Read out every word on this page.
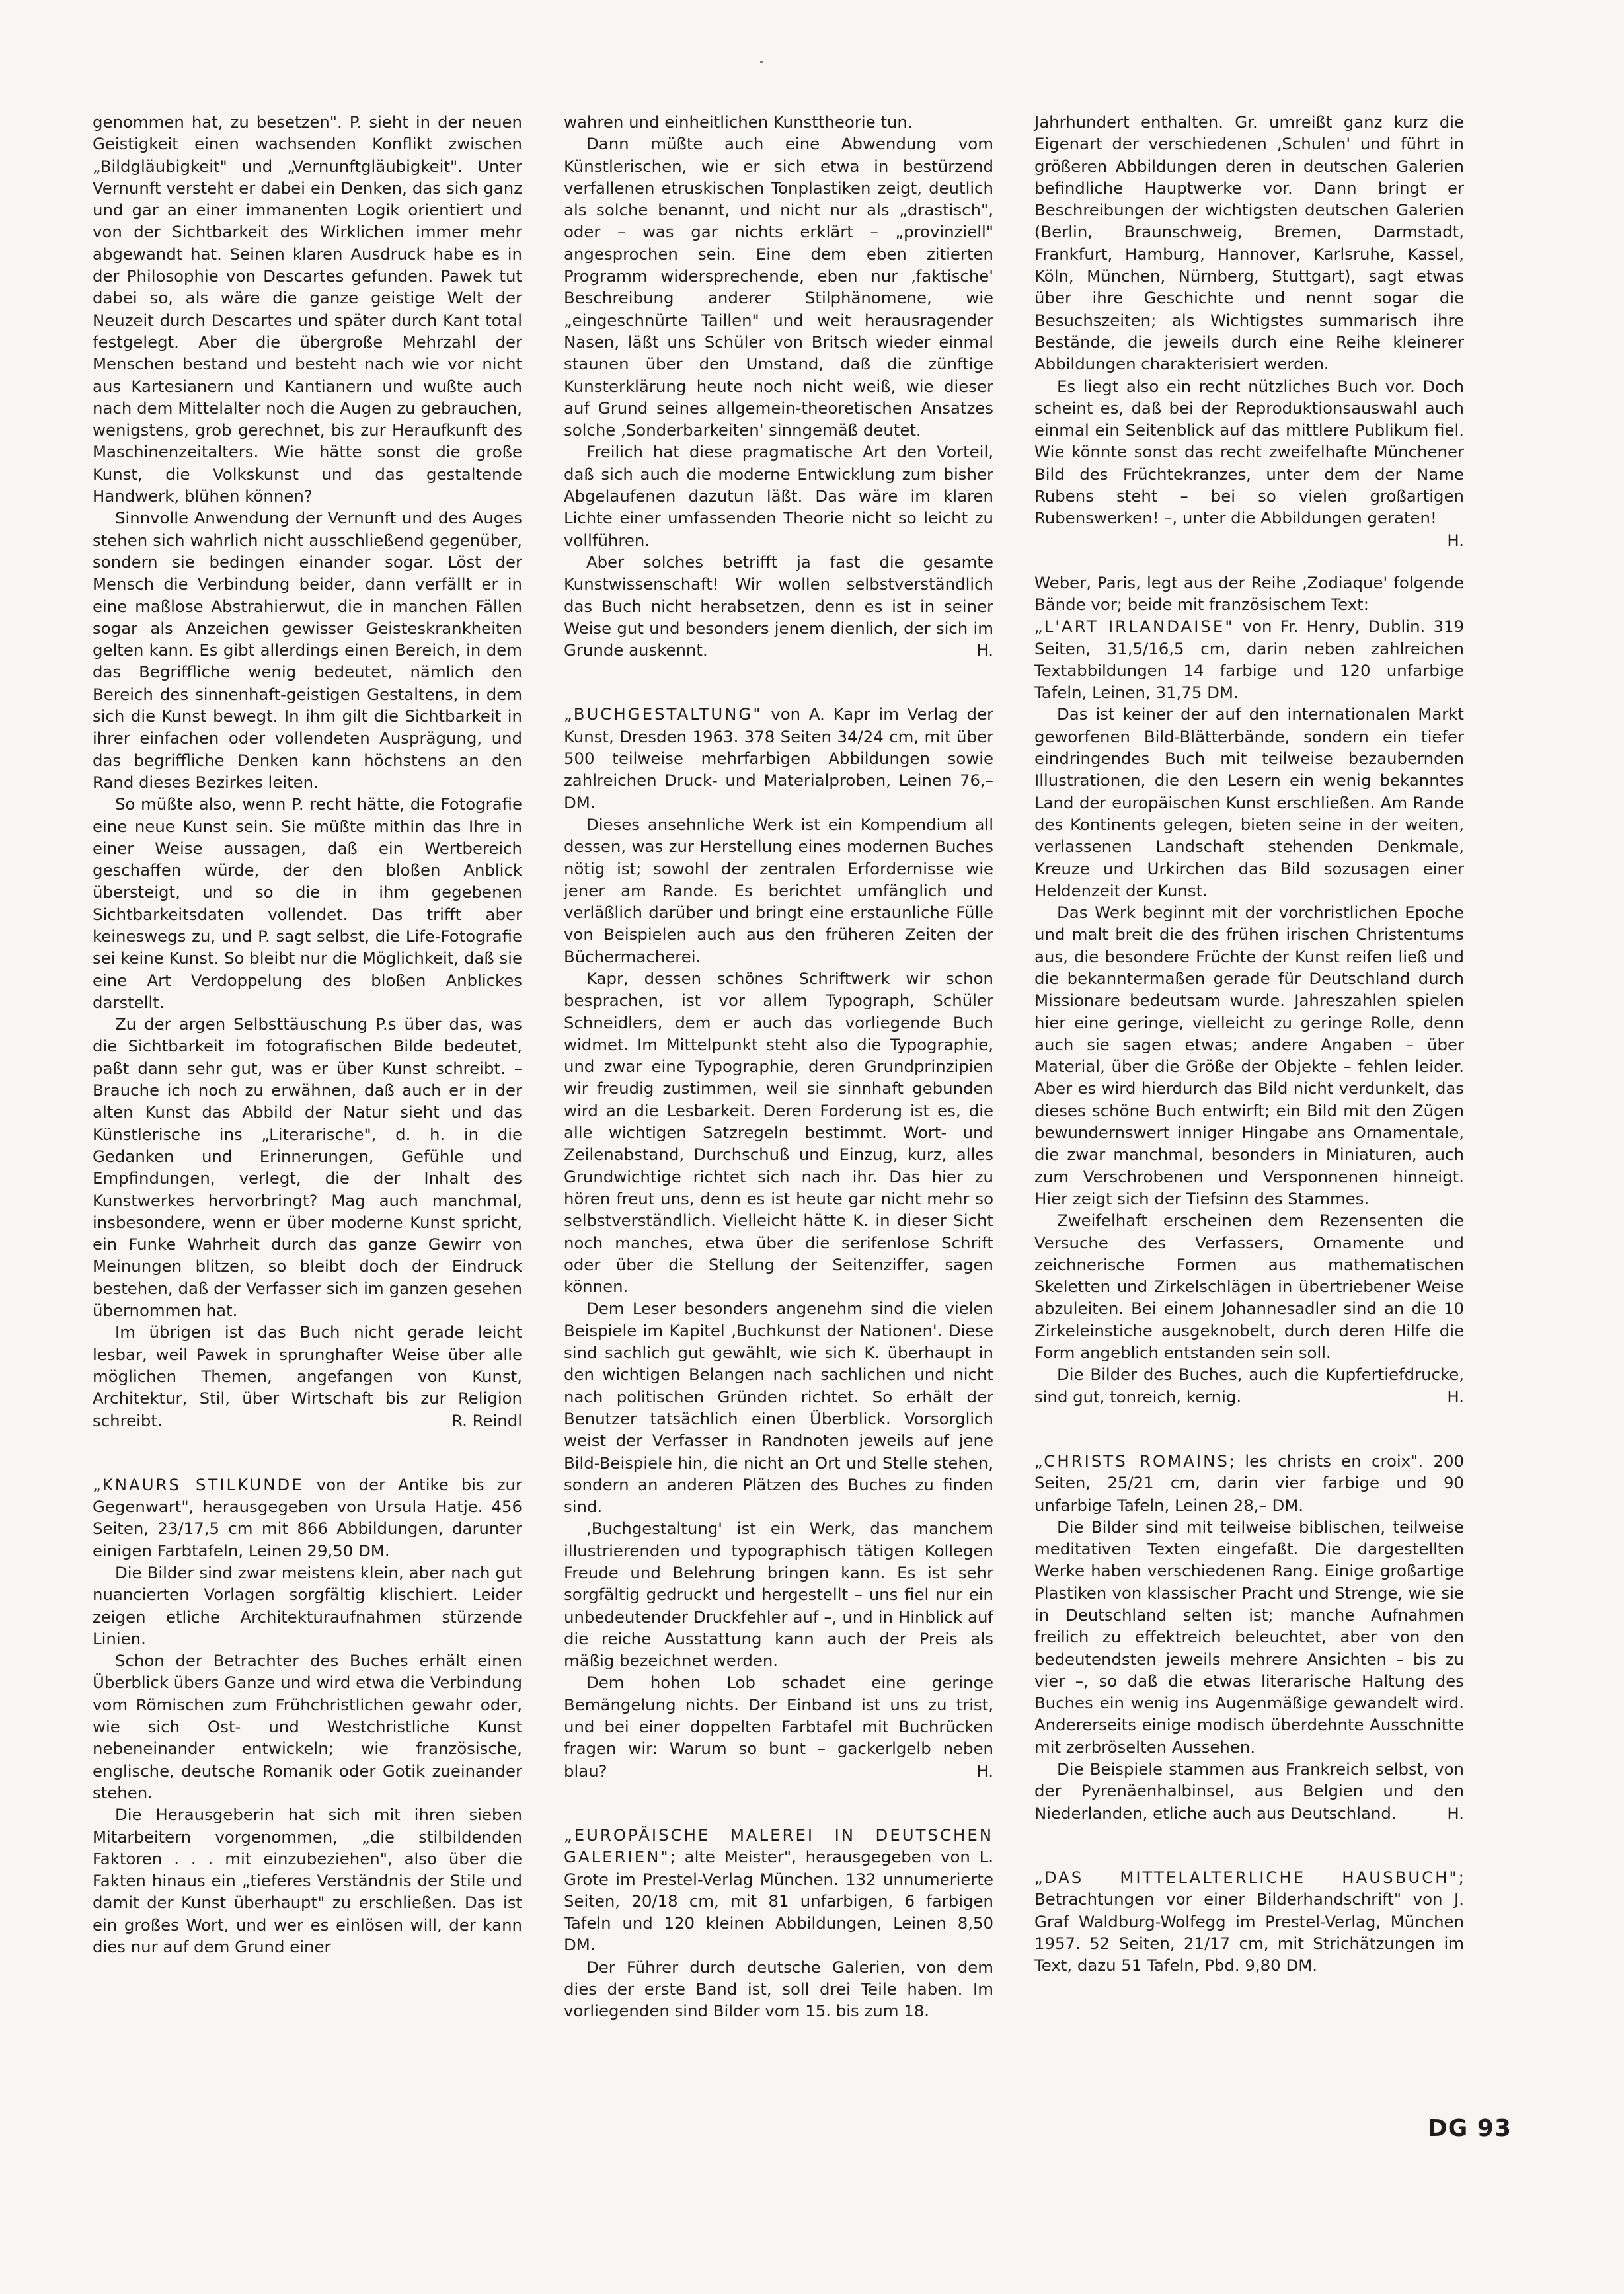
genommen hat, zu besetzen". P. sieht in der neuen Geistigkeit einen wachsenden Konflikt zwischen „Bildgläubigkeit" und „Vernunftgläubigkeit". Unter Vernunft versteht er dabei ein Denken, das sich ganz und gar an einer immanenten Logik orientiert und von der Sichtbarkeit des Wirklichen immer mehr abgewandt hat. Seinen klaren Ausdruck habe es in der Philosophie von Descartes gefunden. Pawek tut dabei so, als wäre die ganze geistige Welt der Neuzeit durch Descartes und später durch Kant total festgelegt. Aber die übergroße Mehrzahl der Menschen bestand und besteht nach wie vor nicht aus Kartesianern und Kantianern und wußte auch nach dem Mittelalter noch die Augen zu gebrauchen, wenigstens, grob gerechnet, bis zur Heraufkunft des Maschinenzeitalters. Wie hätte sonst die große Kunst, die Volkskunst und das gestaltende Handwerk, blühen können?

Sinnvolle Anwendung der Vernunft und des Auges stehen sich wahrlich nicht ausschließend gegenüber, sondern sie bedingen einander sogar. Löst der Mensch die Verbindung beider, dann verfällt er in eine maßlose Abstrahierwut, die in manchen Fällen sogar als Anzeichen gewisser Geisteskrankheiten gelten kann. Es gibt allerdings einen Bereich, in dem das Begriffliche wenig bedeutet, nämlich den Bereich des sinnenhaft-geistigen Gestaltens, in dem sich die Kunst bewegt. In ihm gilt die Sichtbarkeit in ihrer einfachen oder vollendeten Ausprägung, und das begriffliche Denken kann höchstens an den Rand dieses Bezirkes leiten.

So müßte also, wenn P. recht hätte, die Fotografie eine neue Kunst sein. Sie müßte mithin das Ihre in einer Weise aussagen, daß ein Wertbereich geschaffen würde, der den bloßen Anblick übersteigt, und so die in ihm gegebenen Sichtbarkeitsdaten vollendet. Das trifft aber keineswegs zu, und P. sagt selbst, die Life-Fotografie sei keine Kunst. So bleibt nur die Möglichkeit, daß sie eine Art Verdoppelung des bloßen Anblickes darstellt.

Zu der argen Selbsttäuschung P.s über das, was die Sichtbarkeit im fotografischen Bilde bedeutet, paßt dann sehr gut, was er über Kunst schreibt. – Brauche ich noch zu erwähnen, daß auch er in der alten Kunst das Abbild der Natur sieht und das Künstlerische ins „Literarische", d. h. in die Gedanken und Erinnerungen, Gefühle und Empfindungen, verlegt, die der Inhalt des Kunstwerkes hervorbringt? Mag auch manchmal, insbesondere, wenn er über moderne Kunst spricht, ein Funke Wahrheit durch das ganze Gewirr von Meinungen blitzen, so bleibt doch der Eindruck bestehen, daß der Verfasser sich im ganzen gesehen übernommen hat.

Im übrigen ist das Buch nicht gerade leicht lesbar, weil Pawek in sprunghafter Weise über alle möglichen Themen, angefangen von Kunst, Architektur, Stil, über Wirtschaft bis zur Religion schreibt.	R. Reindl

„KNAURS STILKUNDE von der Antike bis zur Gegenwart", herausgegeben von Ursula Hatje. 456 Seiten, 23/17,5 cm mit 866 Abbildungen, darunter einigen Farbtafeln, Leinen 29,50 DM.

Die Bilder sind zwar meistens klein, aber nach gut nuancierten Vorlagen sorgfältig klischiert. Leider zeigen etliche Architekturaufnahmen stürzende Linien.

Schon der Betrachter des Buches erhält einen Überblick übers Ganze und wird etwa die Verbindung vom Römischen zum Frühchristlichen gewahr oder, wie sich Ost- und Westchristliche Kunst nebeneinander entwickeln; wie französische, englische, deutsche Romanik oder Gotik zueinander stehen.

Die Herausgeberin hat sich mit ihren sieben Mitarbeitern vorgenommen, „die stilbildenden Faktoren . . . mit einzubeziehen", also über die Fakten hinaus ein „tieferes Verständnis der Stile und damit der Kunst überhaupt" zu erschließen. Das ist ein großes Wort, und wer es einlösen will, der kann dies nur auf dem Grund einer

wahren und einheitlichen Kunsttheorie tun.

Dann müßte auch eine Abwendung vom Künstlerischen, wie er sich etwa in bestürzend verfallenen etruskischen Tonplastiken zeigt, deutlich als solche benannt, und nicht nur als „drastisch", oder – was gar nichts erklärt – „provinziell" angesprochen sein. Eine dem eben zitierten Programm widersprechende, eben nur ‚faktische' Beschreibung anderer Stilphänomene, wie „eingeschnürte Taillen" und weit herausragender Nasen, läßt uns Schüler von Britsch wieder einmal staunen über den Umstand, daß die zünftige Kunsterklärung heute noch nicht weiß, wie dieser auf Grund seines allgemein-theoretischen Ansatzes solche ‚Sonderbarkeiten' sinngemäß deutet.

Freilich hat diese pragmatische Art den Vorteil, daß sich auch die moderne Entwicklung zum bisher Abgelaufenen dazutun läßt. Das wäre im klaren Lichte einer umfassenden Theorie nicht so leicht zu vollführen.

Aber solches betrifft ja fast die gesamte Kunstwissenschaft! Wir wollen selbstverständlich das Buch nicht herabsetzen, denn es ist in seiner Weise gut und besonders jenem dienlich, der sich im Grunde auskennt.	H.

„BUCHGESTALTUNG" von A. Kapr im Verlag der Kunst, Dresden 1963. 378 Seiten 34/24 cm, mit über 500 teilweise mehrfarbigen Abbildungen sowie zahlreichen Druck- und Materialproben, Leinen 76,– DM.

Dieses ansehnliche Werk ist ein Kompendium all dessen, was zur Herstellung eines modernen Buches nötig ist; sowohl der zentralen Erfordernisse wie jener am Rande. Es berichtet umfänglich und verläßlich darüber und bringt eine erstaunliche Fülle von Beispielen auch aus den früheren Zeiten der Büchermacherei.

Kapr, dessen schönes Schriftwerk wir schon besprachen, ist vor allem Typograph, Schüler Schneidlers, dem er auch das vorliegende Buch widmet. Im Mittelpunkt steht also die Typographie, und zwar eine Typographie, deren Grundprinzipien wir freudig zustimmen, weil sie sinnhaft gebunden wird an die Lesbarkeit. Deren Forderung ist es, die alle wichtigen Satzregeln bestimmt. Wort- und Zeilenabstand, Durchschuß und Einzug, kurz, alles Grundwichtige richtet sich nach ihr. Das hier zu hören freut uns, denn es ist heute gar nicht mehr so selbstverständlich. Vielleicht hätte K. in dieser Sicht noch manches, etwa über die serifenlose Schrift oder über die Stellung der Seitenziffer, sagen können.

Dem Leser besonders angenehm sind die vielen Beispiele im Kapitel ‚Buchkunst der Nationen'. Diese sind sachlich gut gewählt, wie sich K. überhaupt in den wichtigen Belangen nach sachlichen und nicht nach politischen Gründen richtet. So erhält der Benutzer tatsächlich einen Überblick. Vorsorglich weist der Verfasser in Randnoten jeweils auf jene Bild-Beispiele hin, die nicht an Ort und Stelle stehen, sondern an anderen Plätzen des Buches zu finden sind.

‚Buchgestaltung' ist ein Werk, das manchem illustrierenden und typographisch tätigen Kollegen Freude und Belehrung bringen kann. Es ist sehr sorgfältig gedruckt und hergestellt – uns fiel nur ein unbedeutender Druckfehler auf –, und in Hinblick auf die reiche Ausstattung kann auch der Preis als mäßig bezeichnet werden.

Dem hohen Lob schadet eine geringe Bemängelung nichts. Der Einband ist uns zu trist, und bei einer doppelten Farbtafel mit Buchrücken fragen wir: Warum so bunt – gackerlgelb neben blau?	H.

„EUROPÄISCHE MALEREI IN DEUTSCHEN GALERIEN"; alte Meister", herausgegeben von L. Grote im Prestel-Verlag München. 132 unnumerierte Seiten, 20/18 cm, mit 81 unfarbigen, 6 farbigen Tafeln und 120 kleinen Abbildungen, Leinen 8,50 DM.

Der Führer durch deutsche Galerien, von dem dies der erste Band ist, soll drei Teile haben. Im vorliegenden sind Bilder vom 15. bis zum 18.

Jahrhundert enthalten. Gr. umreißt ganz kurz die Eigenart der verschiedenen ‚Schulen' und führt in größeren Abbildungen deren in deutschen Galerien befindliche Hauptwerke vor. Dann bringt er Beschreibungen der wichtigsten deutschen Galerien (Berlin, Braunschweig, Bremen, Darmstadt, Frankfurt, Hamburg, Hannover, Karlsruhe, Kassel, Köln, München, Nürnberg, Stuttgart), sagt etwas über ihre Geschichte und nennt sogar die Besuchszeiten; als Wichtigstes summarisch ihre Bestände, die jeweils durch eine Reihe kleinerer Abbildungen charakterisiert werden.

Es liegt also ein recht nützliches Buch vor. Doch scheint es, daß bei der Reproduktionsauswahl auch einmal ein Seitenblick auf das mittlere Publikum fiel. Wie könnte sonst das recht zweifelhafte Münchener Bild des Früchtekranzes, unter dem der Name Rubens steht – bei so vielen großartigen Rubenswerken! –, unter die Abbildungen geraten!
H.

Weber, Paris, legt aus der Reihe ‚Zodiaque' folgende Bände vor; beide mit französischem Text:

„L'ART IRLANDAISE" von Fr. Henry, Dublin. 319 Seiten, 31,5/16,5 cm, darin neben zahlreichen Textabbildungen 14 farbige und 120 unfarbige Tafeln, Leinen, 31,75 DM.

Das ist keiner der auf den internationalen Markt geworfenen Bild-Blätterbände, sondern ein tiefer eindringendes Buch mit teilweise bezaubernden Illustrationen, die den Lesern ein wenig bekanntes Land der europäischen Kunst erschließen. Am Rande des Kontinents gelegen, bieten seine in der weiten, verlassenen Landschaft stehenden Denkmale, Kreuze und Urkirchen das Bild sozusagen einer Heldenzeit der Kunst.

Das Werk beginnt mit der vorchristlichen Epoche und malt breit die des frühen irischen Christentums aus, die besondere Früchte der Kunst reifen ließ und die bekanntermaßen gerade für Deutschland durch Missionare bedeutsam wurde. Jahreszahlen spielen hier eine geringe, vielleicht zu geringe Rolle, denn auch sie sagen etwas; andere Angaben – über Material, über die Größe der Objekte – fehlen leider. Aber es wird hierdurch das Bild nicht verdunkelt, das dieses schöne Buch entwirft; ein Bild mit den Zügen bewundernswert inniger Hingabe ans Ornamentale, die zwar manchmal, besonders in Miniaturen, auch zum Verschrobenen und Versponnenen hinneigt. Hier zeigt sich der Tiefsinn des Stammes.

Zweifelhaft erscheinen dem Rezensenten die Versuche des Verfassers, Ornamente und zeichnerische Formen aus mathematischen Skeletten und Zirkelschlägen in übertriebener Weise abzuleiten. Bei einem Johannesadler sind an die 10 Zirkeleinstiche ausgeknobelt, durch deren Hilfe die Form angeblich entstanden sein soll.

Die Bilder des Buches, auch die Kupfertiefdrucke, sind gut, tonreich, kernig.	H.

„CHRISTS ROMAINS; les christs en croix". 200 Seiten, 25/21 cm, darin vier farbige und 90 unfarbige Tafeln, Leinen 28,– DM.

Die Bilder sind mit teilweise biblischen, teilweise meditativen Texten eingefaßt. Die dargestellten Werke haben verschiedenen Rang. Einige großartige Plastiken von klassischer Pracht und Strenge, wie sie in Deutschland selten ist; manche Aufnahmen freilich zu effektreich beleuchtet, aber von den bedeutendsten jeweils mehrere Ansichten – bis zu vier –, so daß die etwas literarische Haltung des Buches ein wenig ins Augenmäßige gewandelt wird. Andererseits einige modisch überdehnte Ausschnitte mit zerbröselten Aussehen.

Die Beispiele stammen aus Frankreich selbst, von der Pyrenäenhalbinsel, aus Belgien und den Niederlanden, etliche auch aus Deutschland.	H.

„DAS MITTELALTERLICHE HAUSBUCH"; Betrachtungen vor einer Bilderhandschrift" von J. Graf Waldburg-Wolfegg im Prestel-Verlag, München 1957. 52 Seiten, 21/17 cm, mit Strichätzungen im Text, dazu 51 Tafeln, Pbd. 9,80 DM.

DG 93
